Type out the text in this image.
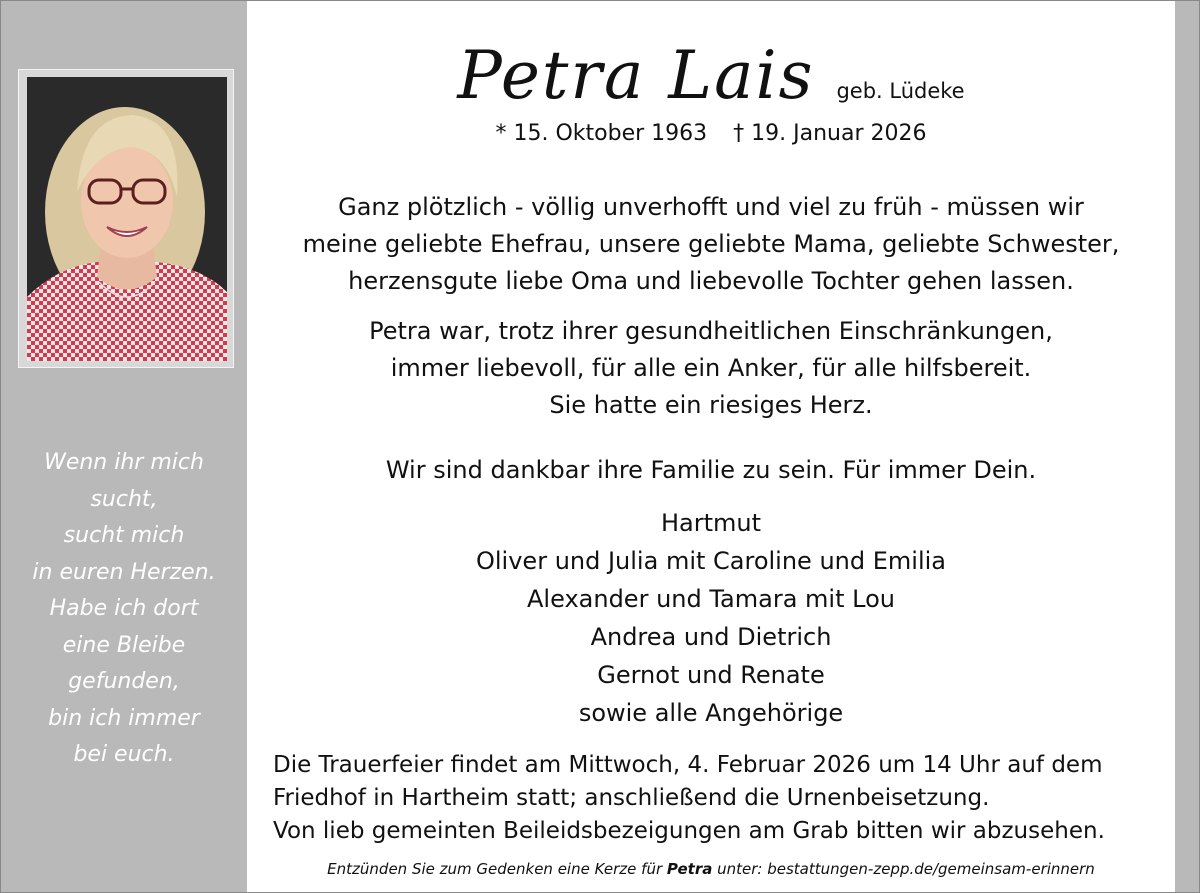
Wenn ihr mich
sucht,
sucht mich
in euren Herzen.
Habe ich dort
eine Bleibe
gefunden,
bin ich immer
bei euch.
Petra Lais geb. Lüdeke
* 15. Oktober 1963 † 19. Januar 2026
Ganz plötzlich - völlig unverhofft und viel zu früh - müssen wir
meine geliebte Ehefrau, unsere geliebte Mama, geliebte Schwester,
herzensgute liebe Oma und liebevolle Tochter gehen lassen.
Petra war, trotz ihrer gesundheitlichen Einschränkungen,
immer liebevoll, für alle ein Anker, für alle hilfsbereit.
Sie hatte ein riesiges Herz.
Wir sind dankbar ihre Familie zu sein. Für immer Dein.
Hartmut
Oliver und Julia mit Caroline und Emilia
Alexander und Tamara mit Lou
Andrea und Dietrich
Gernot und Renate
sowie alle Angehörige
Die Trauerfeier findet am Mittwoch, 4. Februar 2026 um 14 Uhr auf dem
Friedhof in Hartheim statt; anschließend die Urnenbeisetzung.
Von lieb gemeinten Beileidsbezeigungen am Grab bitten wir abzusehen.
Entzünden Sie zum Gedenken eine Kerze für Petra unter: bestattungen-zepp.de/gemeinsam-erinnern
